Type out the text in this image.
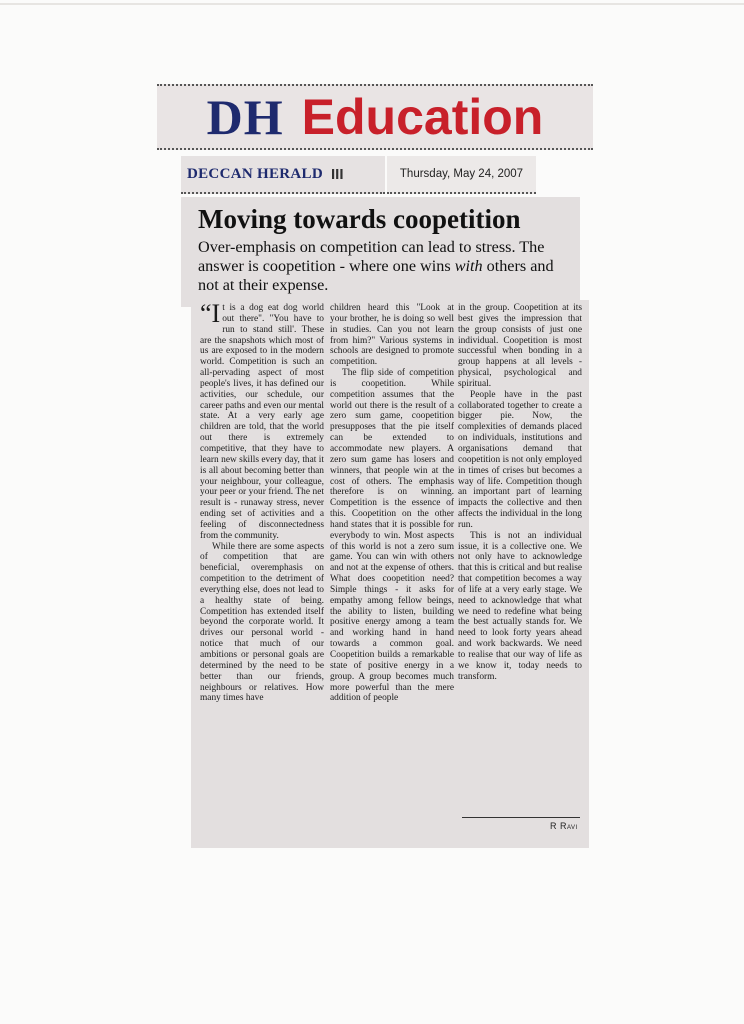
DH Education
DECCAN HERALD III	Thursday, May 24, 2007
Moving towards coopetition

Over-emphasis on competition can lead to stress. The answer is coopetition - where one wins with others and not at their expense.

“It is a dog eat dog world out there". "You have to run to stand still'. These are the snapshots which most of us are exposed to in the modern world. Competition is such an all-pervading aspect of most people's lives, it has defined our activities, our schedule, our career paths and even our mental state. At a very early age children are told, that the world out there is extremely competitive, that they have to learn new skills every day, that it is all about becoming better than your neighbour, your colleague, your peer or your friend. The net result is - runaway stress, never ending set of activities and a feeling of disconnectedness from the community.

While there are some aspects of competition that are beneficial, overemphasis on competition to the detriment of everything else, does not lead to a healthy state of being. Competition has extended itself beyond the corporate world. It drives our personal world - notice that much of our ambitions or personal goals are determined by the need to be better than our friends, neighbours or relatives. How many times have

children heard this "Look at your brother, he is doing so well in studies. Can you not learn from him?" Various systems in schools are designed to promote competition.

The flip side of competition is coopetition. While competition assumes that the world out there is the result of a zero sum game, coopetition presupposes that the pie itself can be extended to accommodate new players. A zero sum game has losers and winners, that people win at the cost of others. The emphasis therefore is on winning. Competition is the essence of this. Coopetition on the other hand states that it is possible for everybody to win. Most aspects of this world is not a zero sum game. You can win with others and not at the expense of others. What does coopetition need? Simple things - it asks for empathy among fellow beings, the ability to listen, building positive energy among a team and working hand in hand towards a common goal. Coopetition builds a remarkable state of positive energy in a group. A group becomes much more powerful than the mere addition of people

in the group. Coopetition at its best gives the impression that the group consists of just one individual. Coopetition is most successful when bonding in a group happens at all levels - physical, psychological and spiritual.

People have in the past collaborated together to create a bigger pie. Now, the complexities of demands placed on individuals, institutions and organisations demand that coopetition is not only employed in times of crises but becomes a way of life. Competition though an important part of learning impacts the collective and then affects the individual in the long run.

This is not an individual issue, it is a collective one. We not only have to acknowledge that this is critical and but realise that competition becomes a way of life at a very early stage. We need to acknowledge that what we need to redefine what being the best actually stands for. We need to look forty years ahead and work backwards. We need to realise that our way of life as we know it, today needs to transform.

R Ravi
